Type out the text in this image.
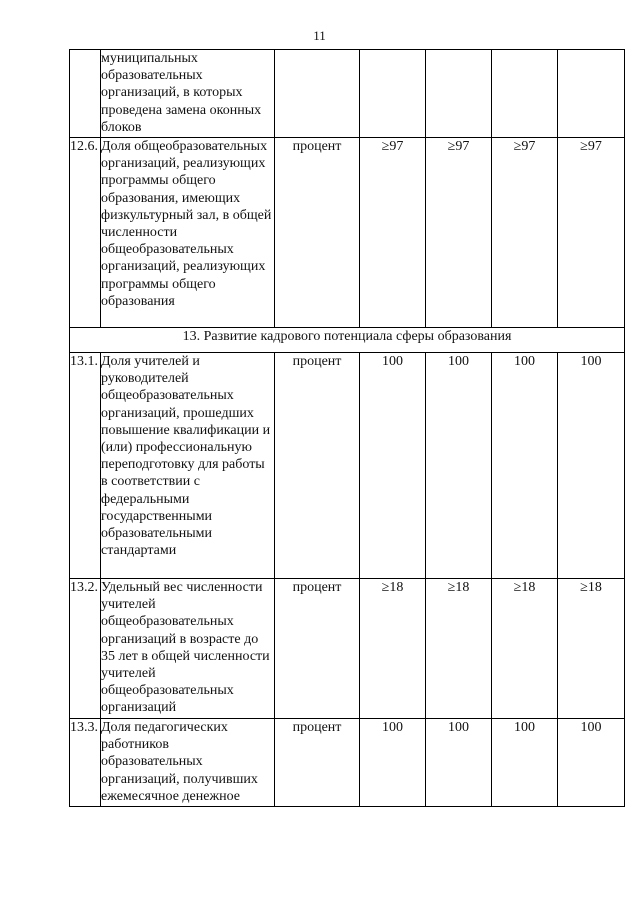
11
	муниципальных образовательных организаций, в которых проведена замена оконных блоков					
12.6.	Доля общеобразовательных организаций, реализующих программы общего образования, имеющих физкультурный зал, в общей численности общеобразовательных организаций, реализующих программы общего образования	процент	≥97	≥97	≥97	≥97
13. Развитие кадрового потенциала сферы образования						
13.1.	Доля учителей и руководителей общеобразовательных организаций, прошедших повышение квалификации и (или) профессиональную переподготовку для работы в соответствии с федеральными государственными образовательными стандартами	процент	100	100	100	100
13.2.	Удельный вес численности учителей общеобразовательных организаций в возрасте до 35 лет в общей численности учителей общеобразовательных организаций	процент	≥18	≥18	≥18	≥18
13.3.	Доля педагогических работников образовательных организаций, получивших ежемесячное денежное	процент	100	100	100	100
